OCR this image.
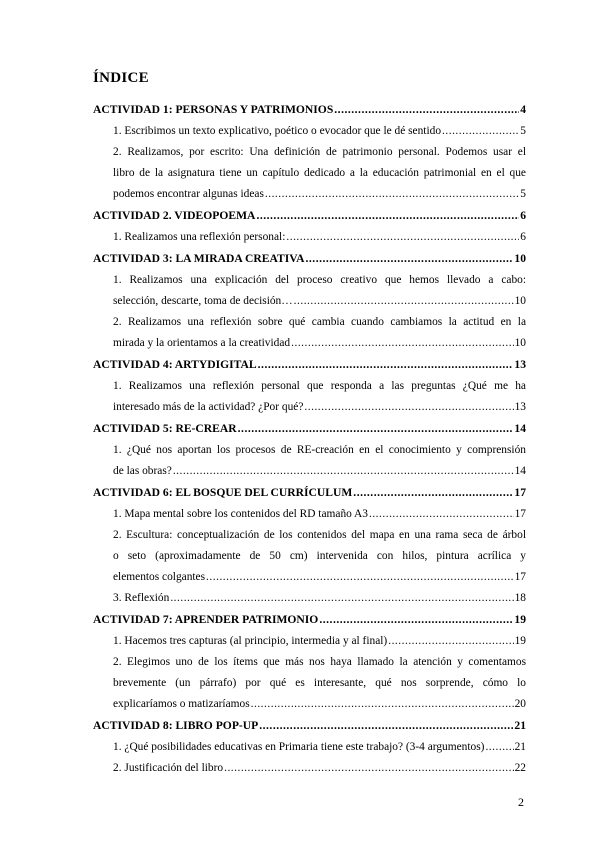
ÍNDICE
ACTIVIDAD 1: PERSONAS Y PATRIMONIOS .....	4
1. Escribimos un texto explicativo, poético o evocador que le dé sentido .....	5
2. Realizamos, por escrito: Una definición de patrimonio personal. Podemos usar el
libro de la asignatura tiene un capítulo dedicado a la educación patrimonial en el que
podemos encontrar algunas ideas .....	5
ACTIVIDAD 2. VIDEOPOEMA .....	6
1. Realizamos una reflexión personal: .....	6
ACTIVIDAD 3: LA MIRADA CREATIVA .....	10
1. Realizamos una explicación del proceso creativo que hemos llevado a cabo:
selección, descarte, toma de decisión… .....	10
2. Realizamos una reflexión sobre qué cambia cuando cambiamos la actitud en la
mirada y la orientamos a la creatividad .....	10
ACTIVIDAD 4: ARTYDIGITAL .....	13
1. Realizamos una reflexión personal que responda a las preguntas ¿Qué me ha
interesado más de la actividad? ¿Por qué? .....	13
ACTIVIDAD 5: RE-CREAR .....	14
1. ¿Qué nos aportan los procesos de RE-creación en el conocimiento y comprensión
de las obras? .....	14
ACTIVIDAD 6: EL BOSQUE DEL CURRÍCULUM .....	17
1. Mapa mental sobre los contenidos del RD tamaño A3 .....	17
2. Escultura: conceptualización de los contenidos del mapa en una rama seca de árbol
o seto (aproximadamente de 50 cm) intervenida con hilos, pintura acrílica y
elementos colgantes .....	17
3. Reflexión .....	18
ACTIVIDAD 7: APRENDER PATRIMONIO .....	19
1. Hacemos tres capturas (al principio, intermedia y al final) .....	19
2. Elegimos uno de los ítems que más nos haya llamado la atención y comentamos
brevemente (un párrafo) por qué es interesante, qué nos sorprende, cómo lo
explicaríamos o matizaríamos .....	20
ACTIVIDAD 8: LIBRO POP-UP .....	21
1. ¿Qué posibilidades educativas en Primaria tiene este trabajo? (3-4 argumentos) .....	21
2. Justificación del libro .....	22
2
